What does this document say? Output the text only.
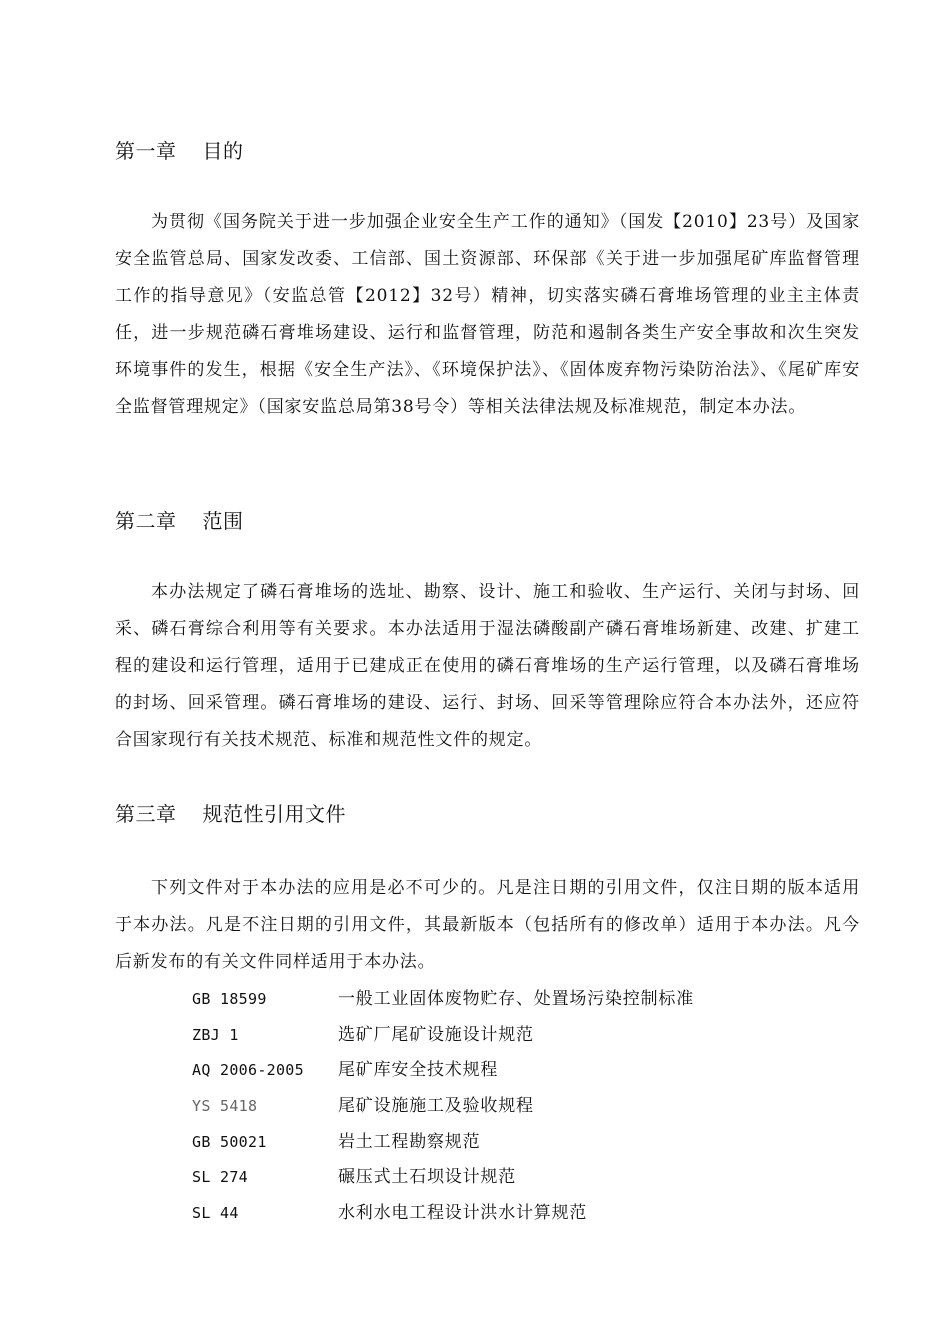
第一章 目的

为贯彻《国务院关于进一步加强企业安全生产工作的通知》（国发【2010】23号）及国家安全监管总局、国家发改委、工信部、国土资源部、环保部《关于进一步加强尾矿库监督管理工作的指导意见》（安监总管【2012】32号）精神，切实落实磷石膏堆场管理的业主主体责任，进一步规范磷石膏堆场建设、运行和监督管理，防范和遏制各类生产安全事故和次生突发环境事件的发生，根据《安全生产法》、《环境保护法》、《固体废弃物污染防治法》、《尾矿库安全监督管理规定》（国家安监总局第38号令）等相关法律法规及标准规范，制定本办法。

第二章 范围

本办法规定了磷石膏堆场的选址、勘察、设计、施工和验收、生产运行、关闭与封场、回采、磷石膏综合利用等有关要求。本办法适用于湿法磷酸副产磷石膏堆场新建、改建、扩建工程的建设和运行管理，适用于已建成正在使用的磷石膏堆场的生产运行管理，以及磷石膏堆场的封场、回采管理。磷石膏堆场的建设、运行、封场、回采等管理除应符合本办法外，还应符合国家现行有关技术规范、标准和规范性文件的规定。

第三章 规范性引用文件

下列文件对于本办法的应用是必不可少的。凡是注日期的引用文件，仅注日期的版本适用于本办法。凡是不注日期的引用文件，其最新版本（包括所有的修改单）适用于本办法。凡今后新发布的有关文件同样适用于本办法。

GB 18599	一般工业固体废物贮存、处置场污染控制标准
ZBJ 1	选矿厂尾矿设施设计规范
AQ 2006-2005 尾矿库安全技术规程
YS 5418	尾矿设施施工及验收规程
GB 50021	岩土工程勘察规范
SL 274	碾压式土石坝设计规范
SL 44	水利水电工程设计洪水计算规范
